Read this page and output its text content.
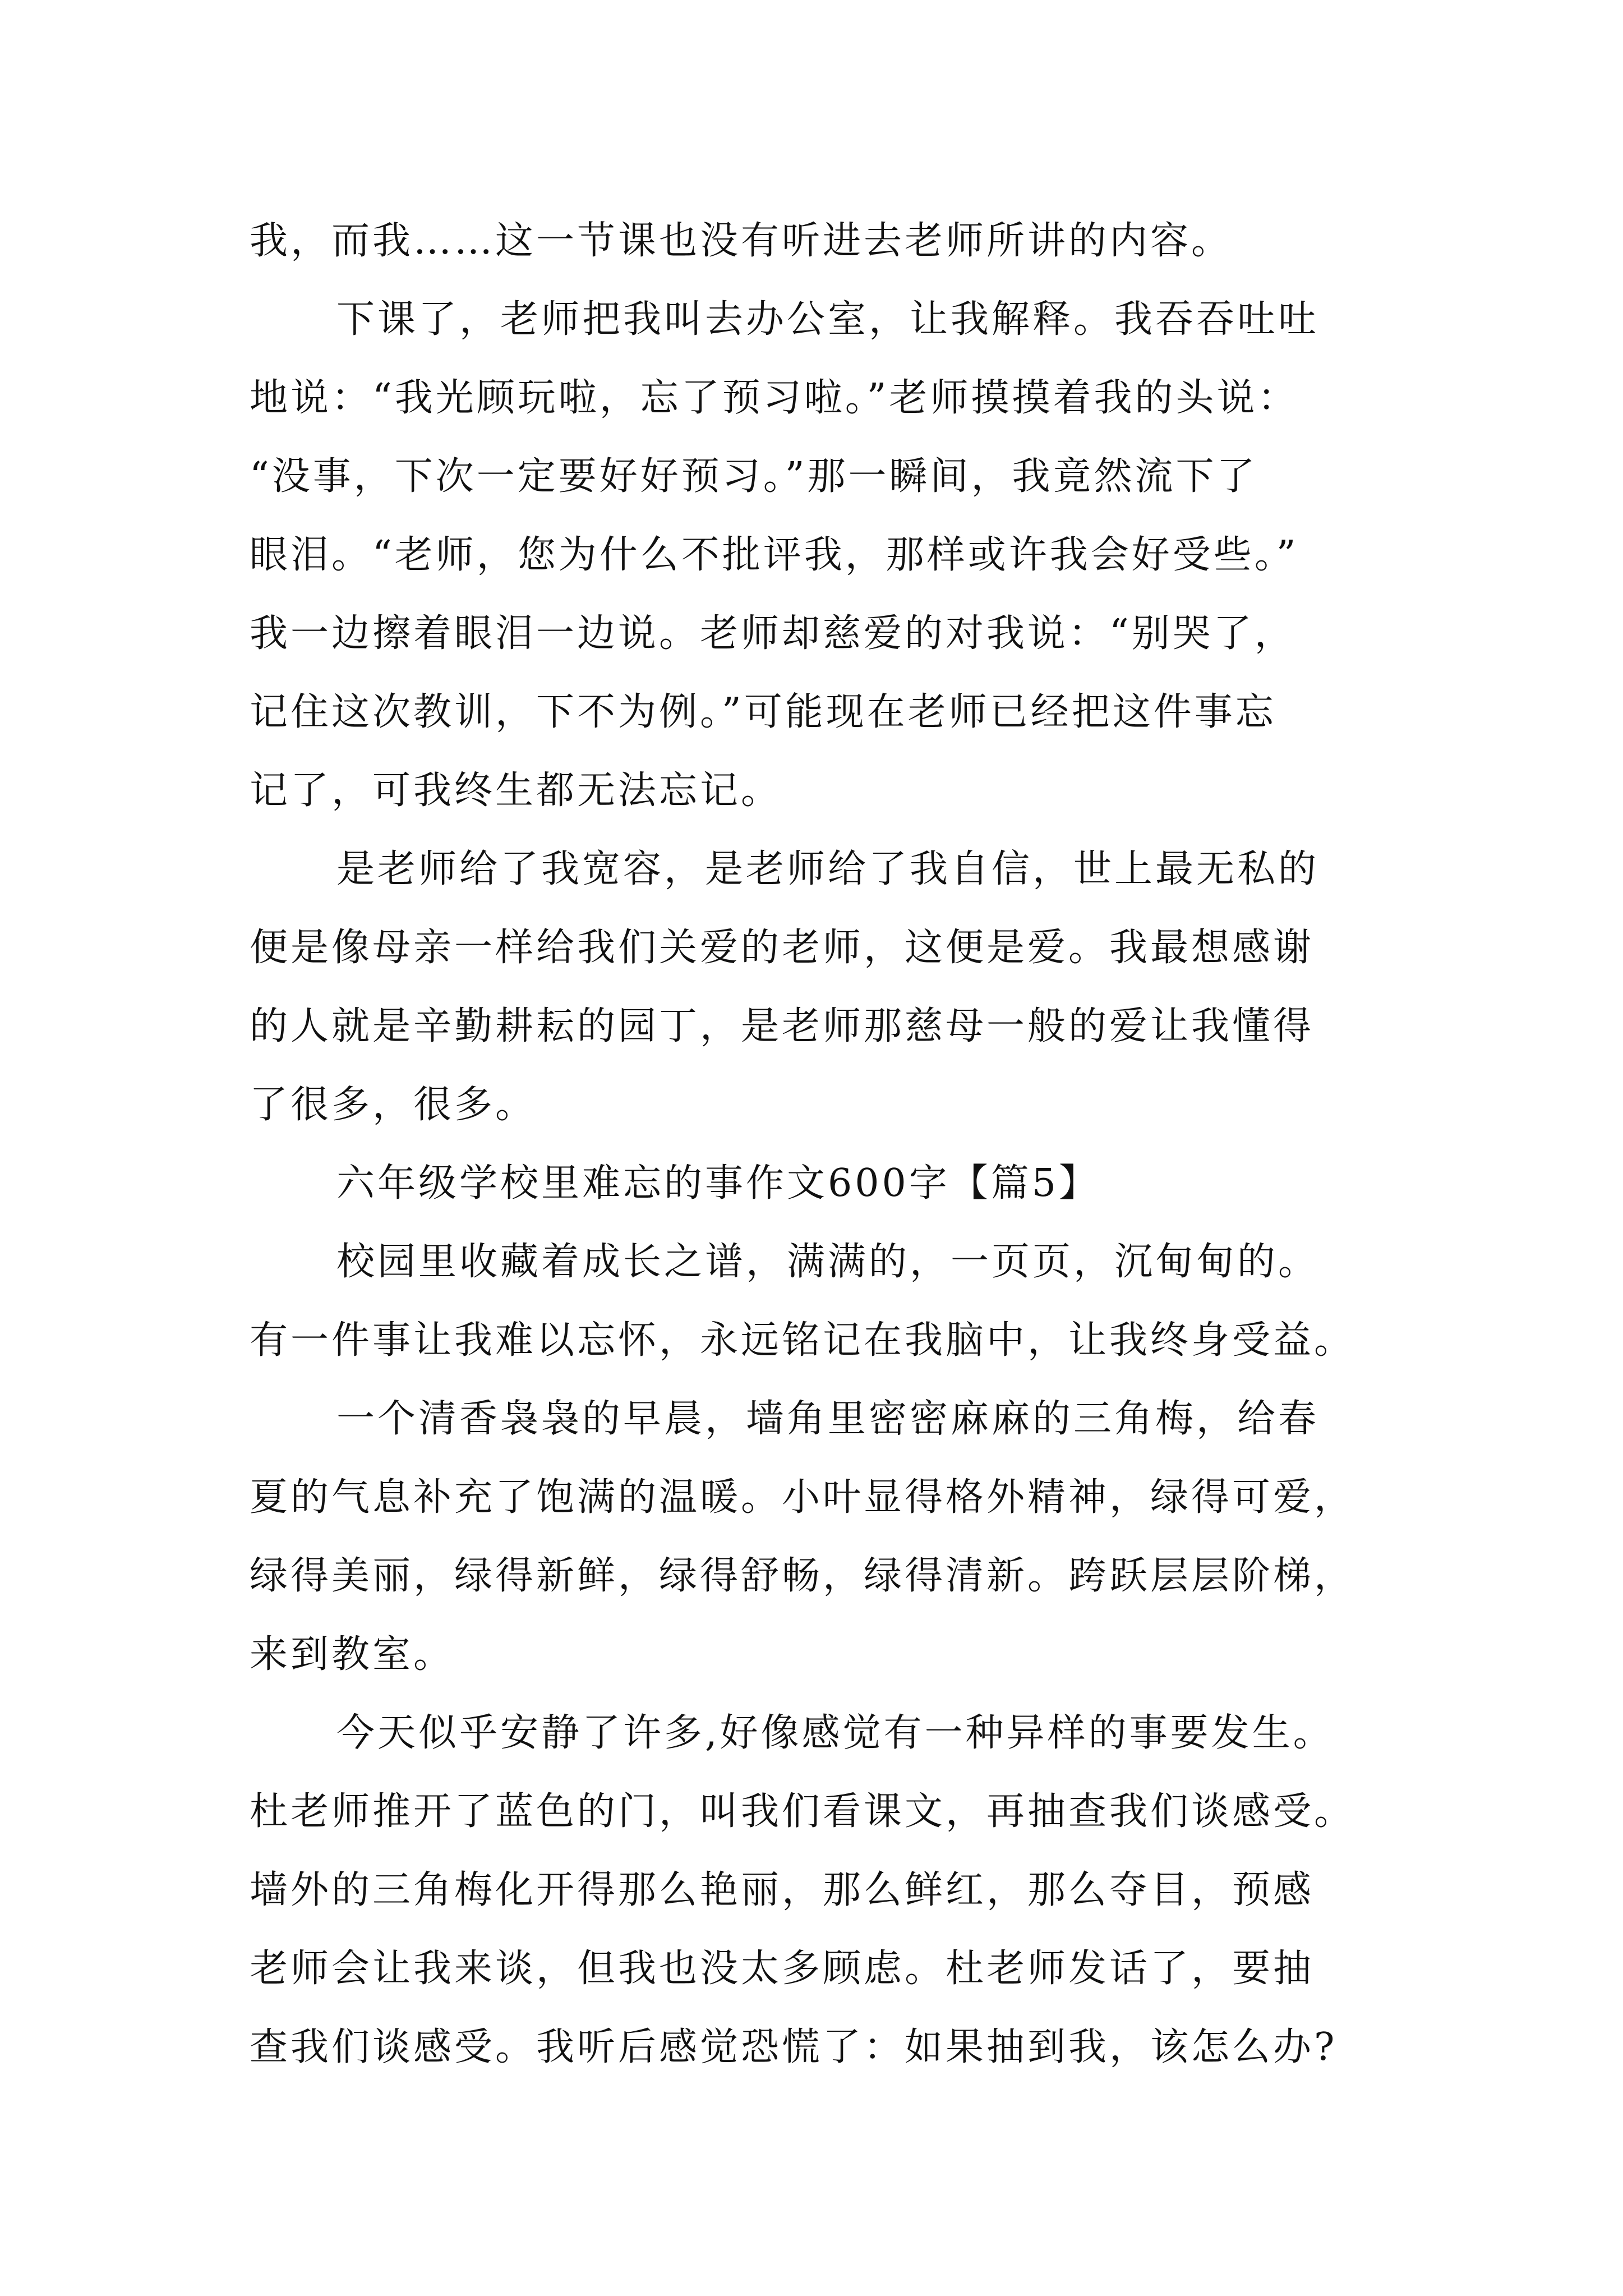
我，而我……这一节课也没有听进去老师所讲的内容。
下课了，老师把我叫去办公室，让我解释。我吞吞吐吐
地说：“我光顾玩啦，忘了预习啦。”老师摸摸着我的头说：
“没事，下次一定要好好预习。”那一瞬间，我竟然流下了
眼泪。“老师，您为什么不批评我，那样或许我会好受些。”
我一边擦着眼泪一边说。老师却慈爱的对我说：“别哭了，
记住这次教训，下不为例。”可能现在老师已经把这件事忘
记了，可我终生都无法忘记。
是老师给了我宽容，是老师给了我自信，世上最无私的
便是像母亲一样给我们关爱的老师，这便是爱。我最想感谢
的人就是辛勤耕耘的园丁，是老师那慈母一般的爱让我懂得
了很多，很多。
六年级学校里难忘的事作文600字【篇5】
校园里收藏着成长之谱，满满的，一页页，沉甸甸的。
有一件事让我难以忘怀，永远铭记在我脑中，让我终身受益。
一个清香袅袅的早晨，墙角里密密麻麻的三角梅，给春
夏的气息补充了饱满的温暖。小叶显得格外精神，绿得可爱，
绿得美丽，绿得新鲜，绿得舒畅，绿得清新。跨跃层层阶梯，
来到教室。
今天似乎安静了许多,好像感觉有一种异样的事要发生。
杜老师推开了蓝色的门，叫我们看课文，再抽查我们谈感受。
墙外的三角梅化开得那么艳丽，那么鲜红，那么夺目，预感
老师会让我来谈，但我也没太多顾虑。杜老师发话了，要抽
查我们谈感受。我听后感觉恐慌了：如果抽到我，该怎么办?
